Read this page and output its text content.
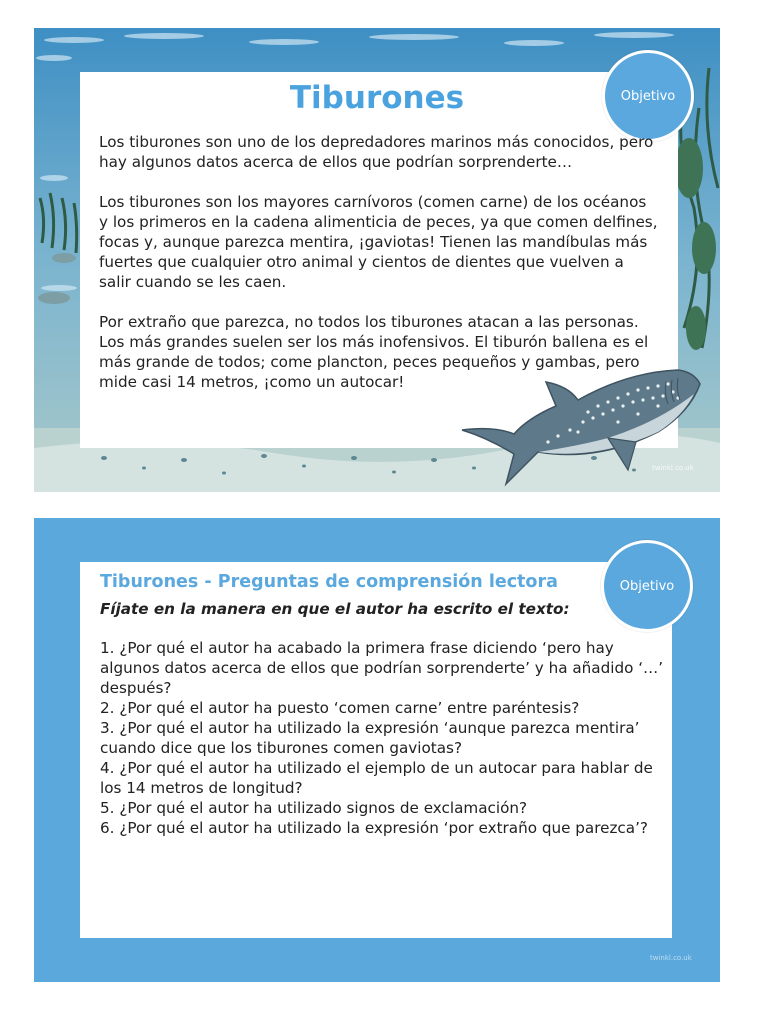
Objetivo
Tiburones

Los tiburones son uno de los depredadores marinos más conocidos, pero hay algunos datos acerca de ellos que podrían sorprenderte…

Los tiburones son los mayores carnívoros (comen carne) de los océanos y los primeros en la cadena alimenticia de peces, ya que comen delfines, focas y, aunque parezca mentira, ¡gaviotas! Tienen las mandíbulas más fuertes que cualquier otro animal y cientos de dientes que vuelven a salir cuando se les caen.

Por extraño que parezca, no todos los tiburones atacan a las personas. Los más grandes suelen ser los más inofensivos. El tiburón ballena es el más grande de todos; come plancton, peces pequeños y gambas, pero mide casi 14 metros, ¡como un autocar!

twinkl.co.uk
Objetivo
Tiburones - Preguntas de comprensión lectora

Fíjate en la manera en que el autor ha escrito el texto:

1. ¿Por qué el autor ha acabado la primera frase diciendo ‘pero hay algunos datos acerca de ellos que podrían sorprenderte’ y ha añadido ‘…’ después?
2. ¿Por qué el autor ha puesto ‘comen carne’ entre paréntesis?
3. ¿Por qué el autor ha utilizado la expresión ‘aunque parezca mentira’ cuando dice que los tiburones comen gaviotas?
4. ¿Por qué el autor ha utilizado el ejemplo de un autocar para hablar de los 14 metros de longitud?
5. ¿Por qué el autor ha utilizado signos de exclamación?
6. ¿Por qué el autor ha utilizado la expresión ‘por extraño que parezca’?
twinkl.co.uk
